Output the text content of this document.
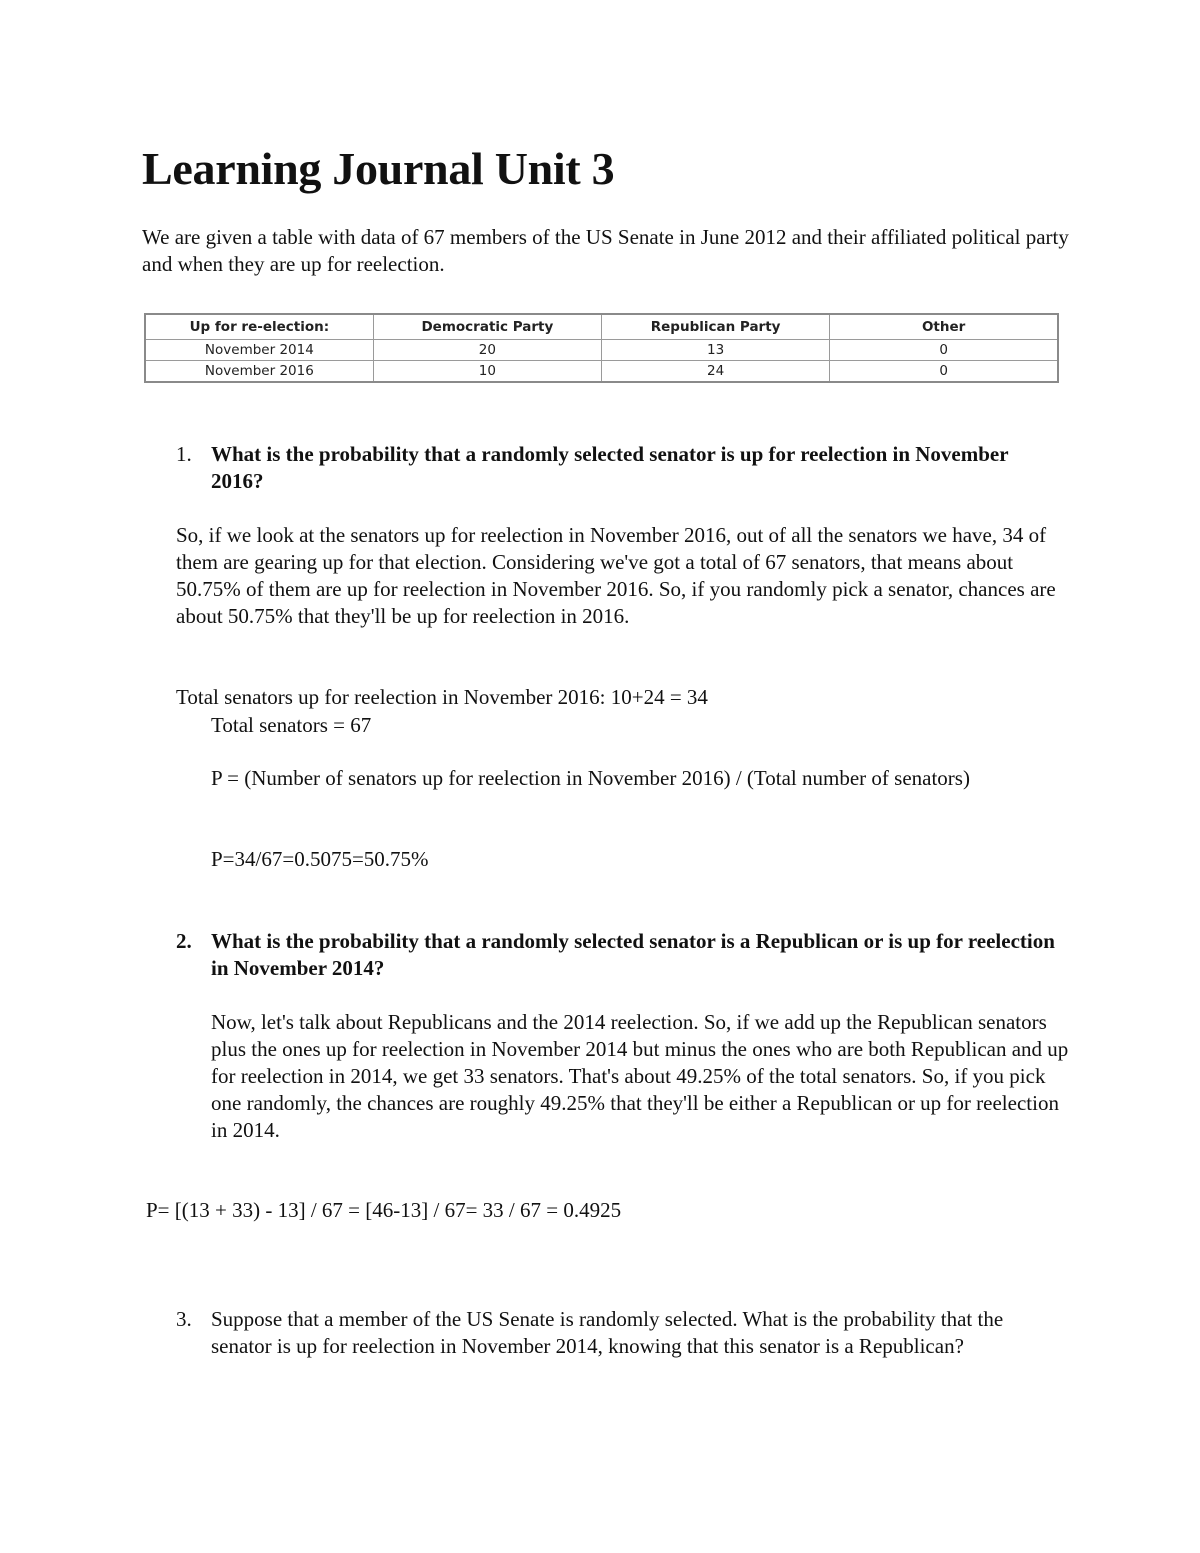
Learning Journal Unit 3

We are given a table with data of 67 members of the US Senate in June 2012 and their affiliated political party and when they are up for reelection.

Up for re-election:	Democratic Party	Republican Party	Other
November 2014	20	13	0
November 2016	10	24	0
1. What is the probability that a randomly selected senator is up for reelection in November 2016?

So, if we look at the senators up for reelection in November 2016, out of all the senators we have, 34 of them are gearing up for that election. Considering we've got a total of 67 senators, that means about 50.75% of them are up for reelection in November 2016. So, if you randomly pick a senator, chances are about 50.75% that they'll be up for reelection in 2016.

Total senators up for reelection in November 2016: 10+24 = 34

Total senators = 67

P = (Number of senators up for reelection in November 2016) / (Total number of senators)

P=34/67=0.5075=50.75%

2. What is the probability that a randomly selected senator is a Republican or is up for reelection in November 2014?

Now, let's talk about Republicans and the 2014 reelection. So, if we add up the Republican senators plus the ones up for reelection in November 2014 but minus the ones who are both Republican and up for reelection in 2014, we get 33 senators. That's about 49.25% of the total senators. So, if you pick one randomly, the chances are roughly 49.25% that they'll be either a Republican or up for reelection in 2014.

P= [(13 + 33) - 13] / 67 = [46-13] / 67= 33 / 67 = 0.4925

3. Suppose that a member of the US Senate is randomly selected. What is the probability that the senator is up for reelection in November 2014, knowing that this senator is a Republican?
